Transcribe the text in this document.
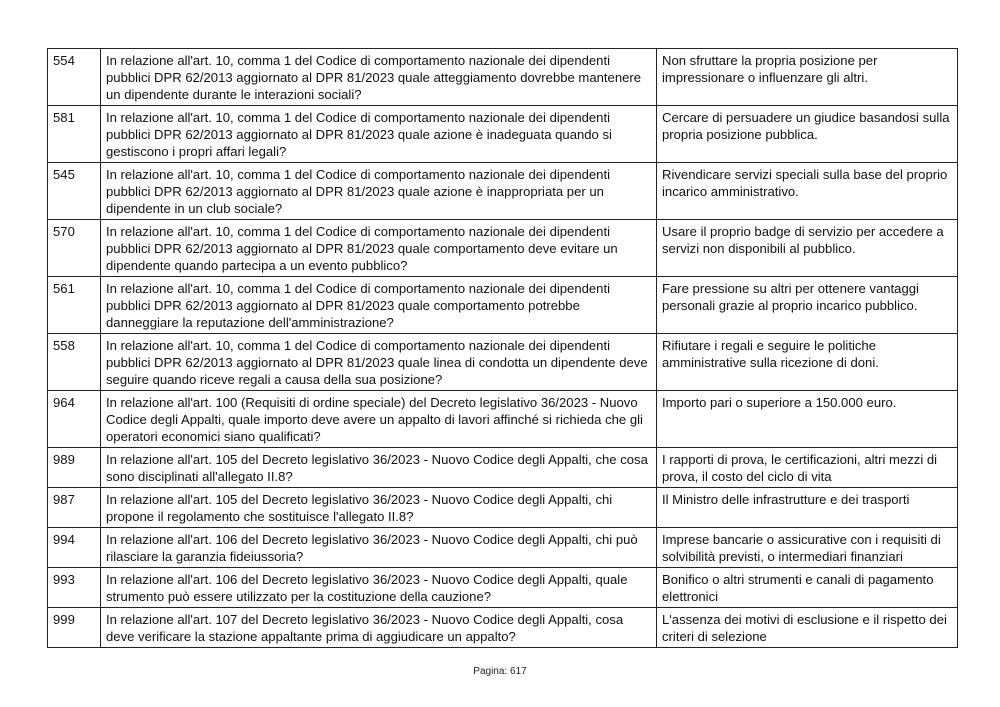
554	In relazione all'art. 10, comma 1 del Codice di comportamento nazionale dei dipendenti pubblici DPR 62/2013 aggiornato al DPR 81/2023 quale atteggiamento dovrebbe mantenere un dipendente durante le interazioni sociali?	Non sfruttare la propria posizione per impressionare o influenzare gli altri.
581	In relazione all'art. 10, comma 1 del Codice di comportamento nazionale dei dipendenti pubblici DPR 62/2013 aggiornato al DPR 81/2023 quale azione è inadeguata quando si gestiscono i propri affari legali?	Cercare di persuadere un giudice basandosi sulla propria posizione pubblica.
545	In relazione all'art. 10, comma 1 del Codice di comportamento nazionale dei dipendenti pubblici DPR 62/2013 aggiornato al DPR 81/2023 quale azione è inappropriata per un dipendente in un club sociale?	Rivendicare servizi speciali sulla base del proprio incarico amministrativo.
570	In relazione all'art. 10, comma 1 del Codice di comportamento nazionale dei dipendenti pubblici DPR 62/2013 aggiornato al DPR 81/2023 quale comportamento deve evitare un dipendente quando partecipa a un evento pubblico?	Usare il proprio badge di servizio per accedere a servizi non disponibili al pubblico.
561	In relazione all'art. 10, comma 1 del Codice di comportamento nazionale dei dipendenti pubblici DPR 62/2013 aggiornato al DPR 81/2023 quale comportamento potrebbe danneggiare la reputazione dell'amministrazione?	Fare pressione su altri per ottenere vantaggi personali grazie al proprio incarico pubblico.
558	In relazione all'art. 10, comma 1 del Codice di comportamento nazionale dei dipendenti pubblici DPR 62/2013 aggiornato al DPR 81/2023 quale linea di condotta un dipendente deve seguire quando riceve regali a causa della sua posizione?	Rifiutare i regali e seguire le politiche amministrative sulla ricezione di doni.
964	In relazione all'art. 100 (Requisiti di ordine speciale) del Decreto legislativo 36/2023 - Nuovo Codice degli Appalti, quale importo deve avere un appalto di lavori affinché si richieda che gli operatori economici siano qualificati?	Importo pari o superiore a 150.000 euro.
989	In relazione all'art. 105 del Decreto legislativo 36/2023 - Nuovo Codice degli Appalti, che cosa sono disciplinati all'allegato II.8?	I rapporti di prova, le certificazioni, altri mezzi di prova, il costo del ciclo di vita
987	In relazione all'art. 105 del Decreto legislativo 36/2023 - Nuovo Codice degli Appalti, chi propone il regolamento che sostituisce l'allegato II.8?	Il Ministro delle infrastrutture e dei trasporti
994	In relazione all'art. 106 del Decreto legislativo 36/2023 - Nuovo Codice degli Appalti, chi può rilasciare la garanzia fideiussoria?	Imprese bancarie o assicurative con i requisiti di solvibilità previsti, o intermediari finanziari
993	In relazione all'art. 106 del Decreto legislativo 36/2023 - Nuovo Codice degli Appalti, quale strumento può essere utilizzato per la costituzione della cauzione?	Bonifico o altri strumenti e canali di pagamento elettronici
999	In relazione all'art. 107 del Decreto legislativo 36/2023 - Nuovo Codice degli Appalti, cosa deve verificare la stazione appaltante prima di aggiudicare un appalto?	L'assenza dei motivi di esclusione e il rispetto dei criteri di selezione
Pagina: 617
